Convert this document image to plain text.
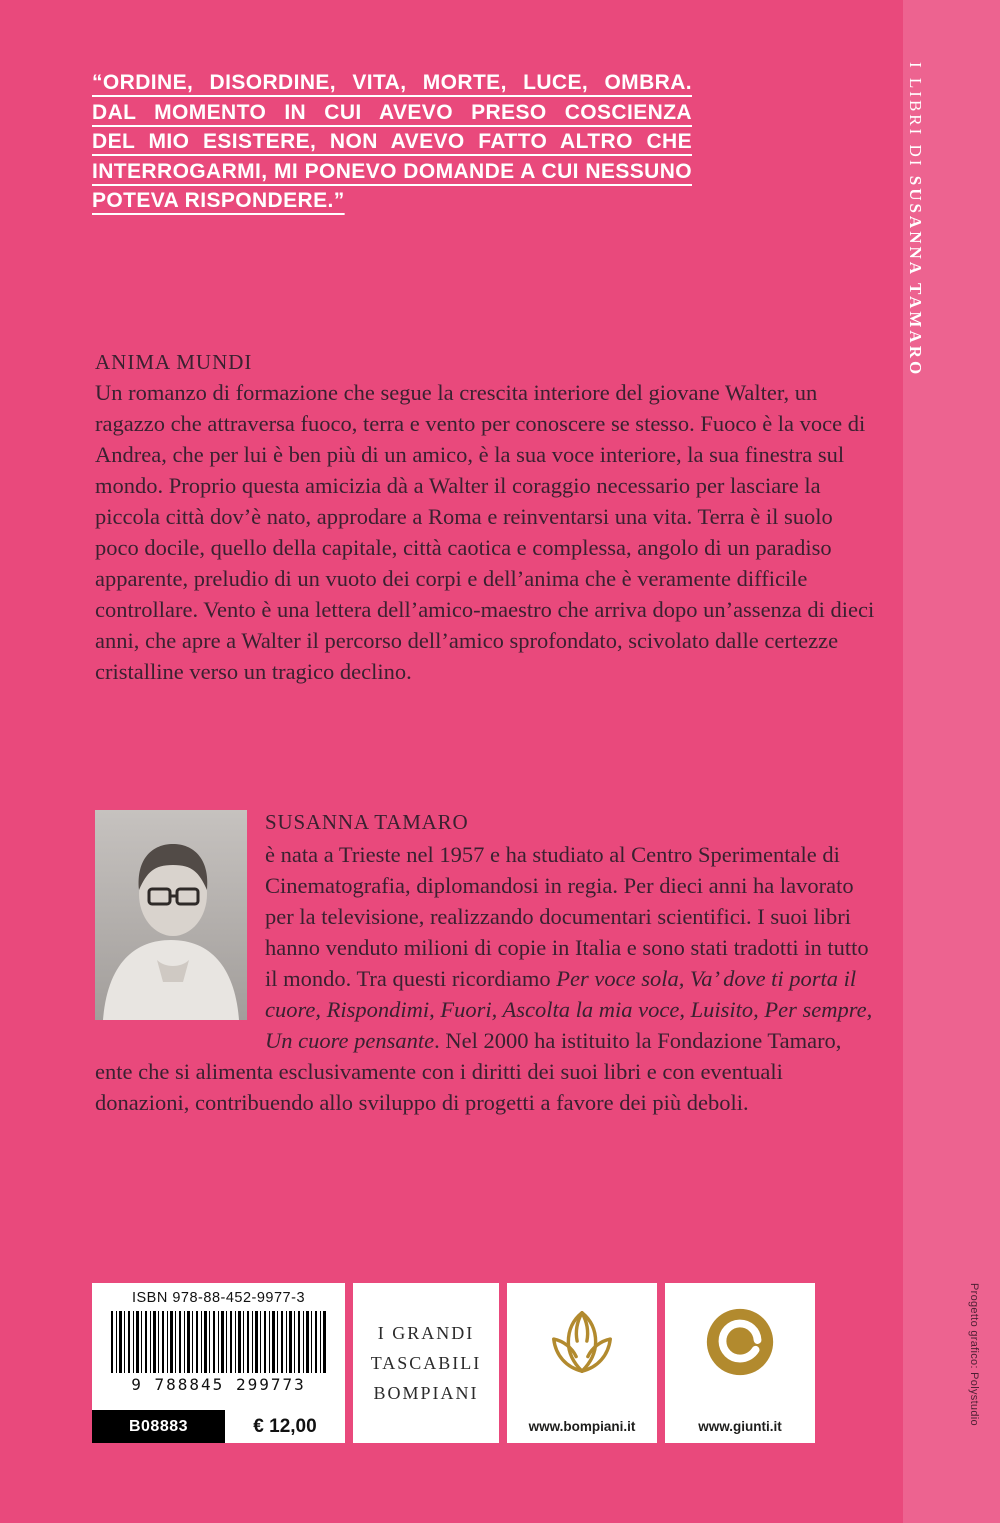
“ORDINE, DISORDINE, VITA, MORTE, LUCE, OMBRA.
DAL MOMENTO IN CUI AVEVO PRESO COSCIENZA
DEL MIO ESISTERE, NON AVEVO FATTO ALTRO CHE
INTERROGARMI, MI PONEVO DOMANDE A CUI NESSUNO
POTEVA RISPONDERE.”
I LIBRI DI SUSANNA TAMARO
ANIMA MUNDI

Un romanzo di formazione che segue la crescita interiore del giovane Walter, un ragazzo che attraversa fuoco, terra e vento per conoscere se stesso. Fuoco è la voce di Andrea, che per lui è ben più di un amico, è la sua voce interiore, la sua finestra sul mondo. Proprio questa amicizia dà a Walter il coraggio necessario per lasciare la piccola città dov’è nato, approdare a Roma e reinventarsi una vita. Terra è il suolo poco docile, quello della capitale, città caotica e complessa, angolo di un paradiso apparente, preludio di un vuoto dei corpi e dell’anima che è veramente difficile controllare. Vento è una lettera dell’amico-maestro che arriva dopo un’assenza di dieci anni, che apre a Walter il percorso dell’amico sprofondato, scivolato dalle certezze cristalline verso un tragico declino.

SUSANNA TAMARO

è nata a Trieste nel 1957 e ha studiato al Centro Sperimentale di Cinematografia, diplomandosi in regia. Per dieci anni ha lavorato per la televisione, realizzando documentari scientifici. I suoi libri hanno venduto milioni di copie in Italia e sono stati tradotti in tutto il mondo. Tra questi ricordiamo Per voce sola, Va’ dove ti porta il cuore, Rispondimi, Fuori, Ascolta la mia voce, Luisito, Per sempre, Un cuore pensante. Nel 2000 ha istituito la Fondazione Tamaro, ente che si alimenta esclusivamente con i diritti dei suoi libri e con eventuali donazioni, contribuendo allo sviluppo di progetti a favore dei più deboli.

ISBN 978-88-452-9977-3
9 788845 299773
B08883	€ 12,00
I GRANDI
TASCABILI
BOMPIANI
www.bompiani.it	www.giunti.it
Progetto grafico: Polystudio
